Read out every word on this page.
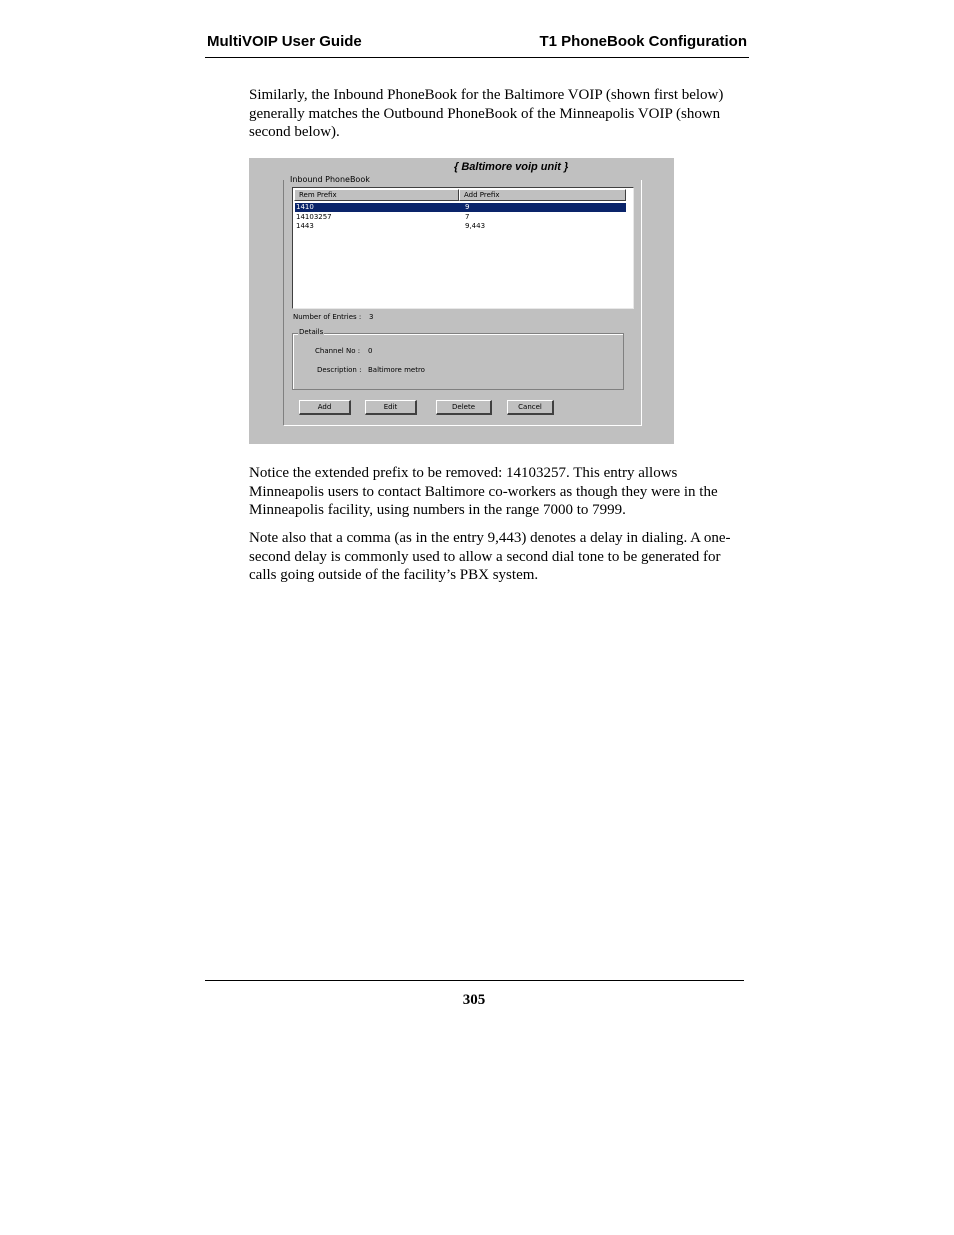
MultiVOIP User Guide	T1 PhoneBook Configuration

Similarly, the Inbound PhoneBook for the Baltimore VOIP (shown first below) generally matches the Outbound PhoneBook of the Minneapolis VOIP (shown second below).

{ Baltimore voip unit }
Inbound PhoneBook
Rem Prefix	Add Prefix
1410	9
14103257	7
1443	9,443
Number of Entries : 3
Details
Channel No : 0
Description : Baltimore metro
Add	Edit	Delete	Cancel

Notice the extended prefix to be removed: 14103257. This entry allows Minneapolis users to contact Baltimore co-workers as though they were in the Minneapolis facility, using numbers in the range 7000 to 7999.

Note also that a comma (as in the entry 9,443) denotes a delay in dialing. A one-second delay is commonly used to allow a second dial tone to be generated for calls going outside of the facility’s PBX system.

305
